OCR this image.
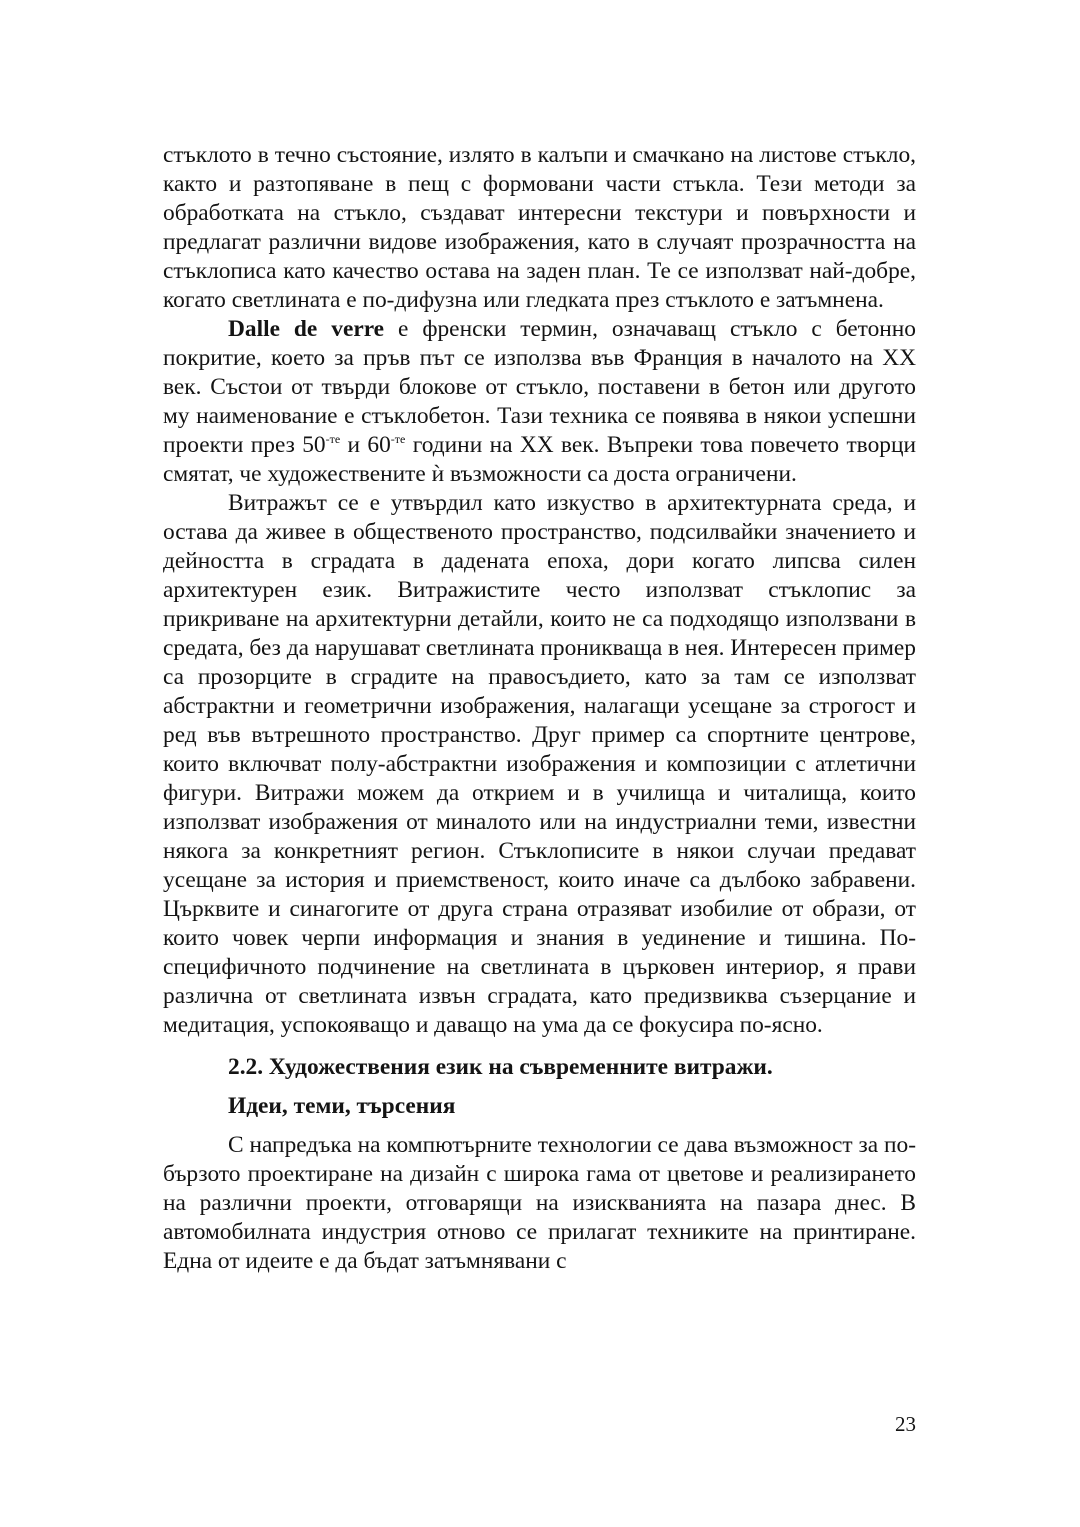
стъклото в течно състояние, излято в калъпи и смачкано на листове стъкло, както и разтопяване в пещ с формовани части стъкла. Тези методи за обработката на стъкло, създават интересни текстури и повърхности и предлагат различни видове изображения, като в случаят прозрачността на стъклописа като качество остава на заден план. Те се използват най-добре, когато светлината е по-дифузна или гледката през стъклото е затъмнена.

Dalle de verre е френски термин, означаващ стъкло с бетонно покритие, което за пръв път се използва във Франция в началото на ХХ век. Състои от твърди блокове от стъкло, поставени в бетон или другото му наименование е стъклобетон. Тази техника се появява в някои успешни проекти през $50^{-те}$ и $60^{-те}$ години на ХХ век. Въпреки това повечето творци смятат, че художествените ѝ възможности са доста ограничени.

Витражът се е утвърдил като изкуство в архитектурната среда, и остава да живее в общественото пространство, подсилвайки значението и дейността в сградата в дадената епоха, дори когато липсва силен архитектурен език. Витражистите често използват стъклопис за прикриване на архитектурни детайли, които не са подходящо използвани в средата, без да нарушават светлината проникваща в нея. Интересен пример са прозорците в сградите на правосъдието, като за там се използват абстрактни и геометрични изображения, налагащи усещане за строгост и ред във вътрешното пространство. Друг пример са спортните центрове, които включват полу-абстрактни изображения и композиции с атлетични фигури. Витражи можем да открием и в училища и читалища, които използват изображения от миналото или на индустриални теми, известни някога за конкретният регион. Стъклописите в някои случаи предават усещане за история и приемственост, които иначе са дълбоко забравени. Църквите и синагогите от друга страна отразяват изобилие от образи, от които човек черпи информация и знания в уединение и тишина. По-специфичното подчинение на светлината в църковен интериор, я прави различна от светлината извън сградата, като предизвиква съзерцание и медитация, успокояващо и даващо на ума да се фокусира по-ясно.

2.2. Художествения език на съвременните витражи.

Идеи, теми, търсения

С напредъка на компютърните технологии се дава възможност за по-бързото проектиране на дизайн с широка гама от цветове и реализирането на различни проекти, отговарящи на изискванията на пазара днес. В автомобилната индустрия отново се прилагат техниките на принтиране. Една от идеите е да бъдат затъмнявани с

23
